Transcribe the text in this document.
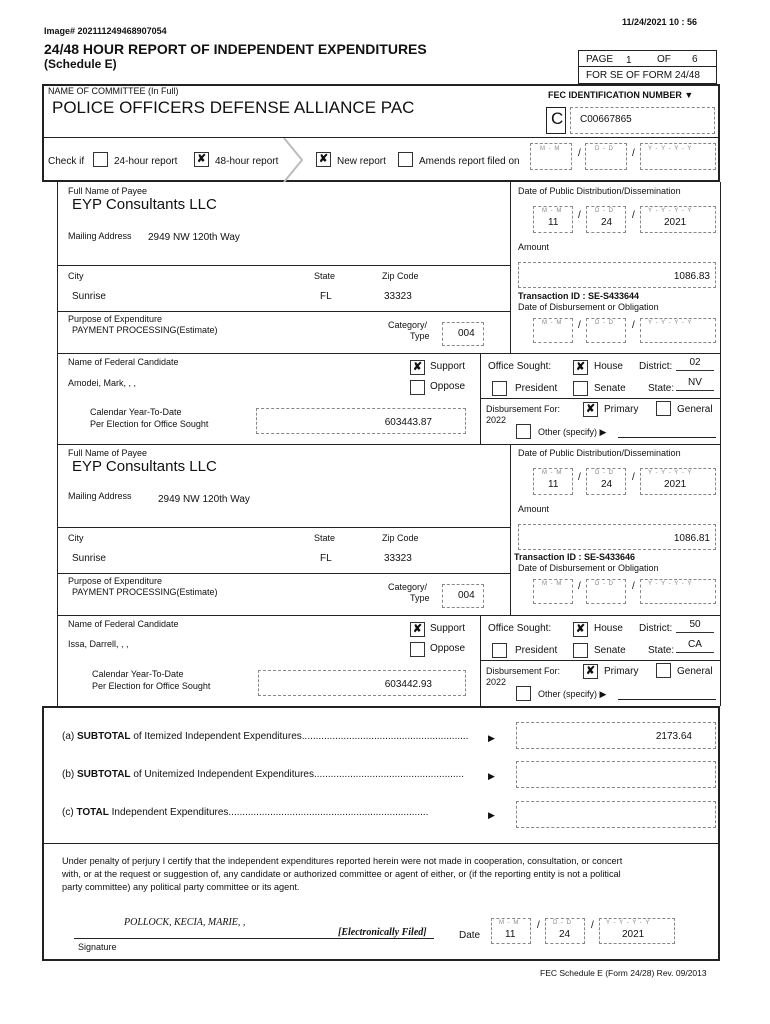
Image# 202111249468907054
11/24/2021 10 : 56
24/48 HOUR REPORT OF INDEPENDENT EXPENDITURES
(Schedule E)	PAGE 1	OF 6
FOR SE OF FORM 24/48
NAME OF COMMITTEE (In Full)
POLICE OFFICERS DEFENSE ALLIANCE PAC
FEC IDENTIFICATION NUMBER ▼
C C00667865
Check if	24-hour report ✘ 48-hour report	✘ New report	Amends report filed on
M - M / D - D / Y - Y - Y - Y
Full Name of Payee
EYP Consultants LLC
Mailing Address 2949 NW 120th Way
City	State	Zip Code
Sunrise	FL	33323
Purpose of Expenditure
PAYMENT PROCESSING(Estimate)	Category/
Type	004
Name of Federal Candidate
Amodei, Mark, , ,
✘ Support
Oppose
Office Sought: ✘ House District:	02
President	Senate State:
NV
Calendar Year-To-Date
Per Election for Office Sought	603443.87
Disbursement For:
2022
✘ Primary	General
Other (specify) ▶
Date of Public Distribution/Dissemination
M - M
11
/ D - D
24
/ Y - Y - Y - Y
2021
Amount
1086.83
Transaction ID : SE-S433644
Date of Disbursement or Obligation
M - M / D - D / Y - Y - Y - Y
Full Name of Payee
EYP Consultants LLC
Mailing Address	2949 NW 120th Way
City	State	Zip Code
Sunrise	FL	33323
Purpose of Expenditure
PAYMENT PROCESSING(Estimate)	Category/
Type	004
Name of Federal Candidate
Issa, Darrell, , ,
✘ Support
Oppose
Office Sought: ✘ House District:	50
President	Senate State:
CA
Calendar Year-To-Date
Per Election for Office Sought	603442.93
Disbursement For:
2022
✘ Primary	General
Other (specify) ▶
Date of Public Distribution/Dissemination
M - M
11
/ D - D
24
/ Y - Y - Y - Y
2021
Amount
1086.81
Transaction ID : SE-S433646
Date of Disbursement or Obligation
M - M / D - D / Y - Y - Y - Y
(a) SUBTOTAL of Itemized Independent Expenditures............................................................ ▶	2173.64
(b) SUBTOTAL of Unitemized Independent Expenditures......................................................	▶
(c) TOTAL Independent Expenditures........................................................................	▶
Under penalty of perjury I certify that the independent expenditures reported herein were not made in cooperation, consultation, or concert
with, or at the request or suggestion of, any candidate or authorized committee or agent of either, or (if the reporting entity is not a political
party committee) any political party committee or its agent.
POLLOCK, KECIA, MARIE, ,
[Electronically Filed]
Signature
Date
M - M
11
/ D - D
24
/ Y - Y - Y - Y
2021
FEC Schedule E (Form 24/28) Rev. 09/2013
